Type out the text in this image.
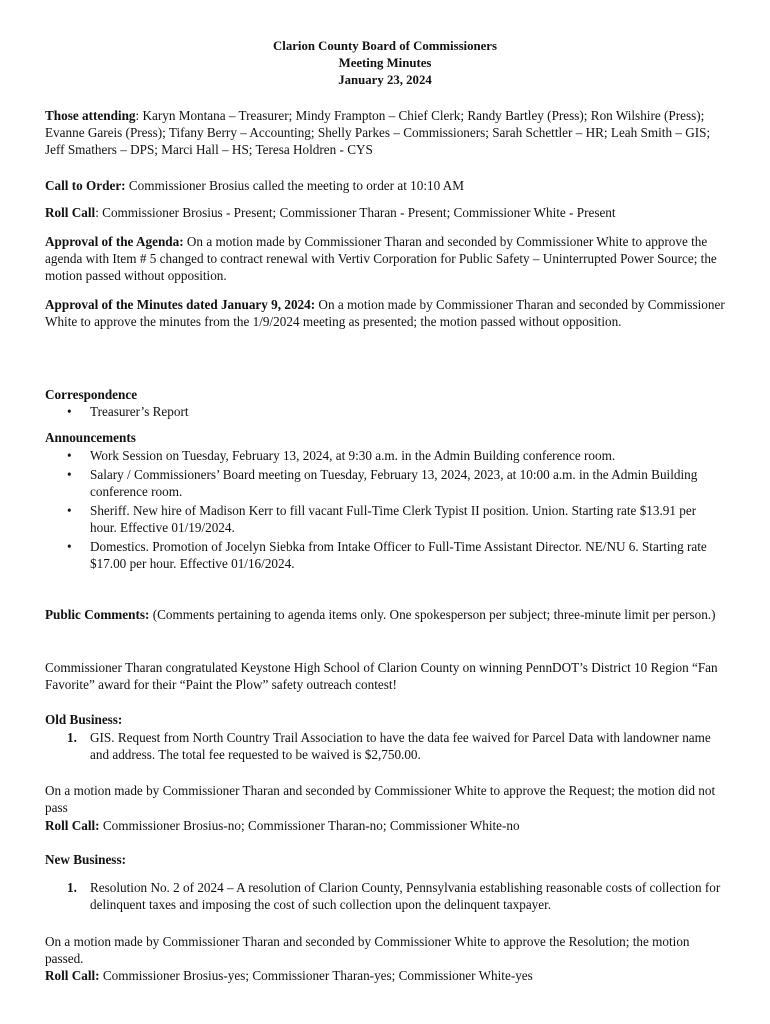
Clarion County Board of Commissioners
Meeting Minutes
January 23, 2024
Those attending: Karyn Montana – Treasurer; Mindy Frampton – Chief Clerk; Randy Bartley (Press); Ron Wilshire (Press); Evanne Gareis (Press); Tifany Berry – Accounting; Shelly Parkes – Commissioners; Sarah Schettler – HR; Leah Smith – GIS; Jeff Smathers – DPS; Marci Hall – HS; Teresa Holdren - CYS
Call to Order: Commissioner Brosius called the meeting to order at 10:10 AM
Roll Call: Commissioner Brosius - Present; Commissioner Tharan - Present; Commissioner White - Present
Approval of the Agenda: On a motion made by Commissioner Tharan and seconded by Commissioner White to approve the agenda with Item # 5 changed to contract renewal with Vertiv Corporation for Public Safety – Uninterrupted Power Source; the motion passed without opposition.
Approval of the Minutes dated January 9, 2024: On a motion made by Commissioner Tharan and seconded by Commissioner White to approve the minutes from the 1/9/2024 meeting as presented; the motion passed without opposition.
Correspondence
• Treasurer’s Report
Announcements
• Work Session on Tuesday, February 13, 2024, at 9:30 a.m. in the Admin Building conference room.
• Salary / Commissioners’ Board meeting on Tuesday, February 13, 2024, 2023, at 10:00 a.m. in the Admin Building conference room.
• Sheriff. New hire of Madison Kerr to fill vacant Full-Time Clerk Typist II position. Union. Starting rate $13.91 per hour. Effective 01/19/2024.
• Domestics. Promotion of Jocelyn Siebka from Intake Officer to Full-Time Assistant Director. NE/NU 6. Starting rate $17.00 per hour. Effective 01/16/2024.
Public Comments: (Comments pertaining to agenda items only. One spokesperson per subject; three-minute limit per person.)
Commissioner Tharan congratulated Keystone High School of Clarion County on winning PennDOT’s District 10 Region “Fan Favorite” award for their “Paint the Plow” safety outreach contest!
Old Business:
1. GIS. Request from North Country Trail Association to have the data fee waived for Parcel Data with landowner name and address. The total fee requested to be waived is $2,750.00.
On a motion made by Commissioner Tharan and seconded by Commissioner White to approve the Request; the motion did not pass
Roll Call: Commissioner Brosius-no; Commissioner Tharan-no; Commissioner White-no
New Business:
1. Resolution No. 2 of 2024 – A resolution of Clarion County, Pennsylvania establishing reasonable costs of collection for delinquent taxes and imposing the cost of such collection upon the delinquent taxpayer.
On a motion made by Commissioner Tharan and seconded by Commissioner White to approve the Resolution; the motion passed.
Roll Call: Commissioner Brosius-yes; Commissioner Tharan-yes; Commissioner White-yes
